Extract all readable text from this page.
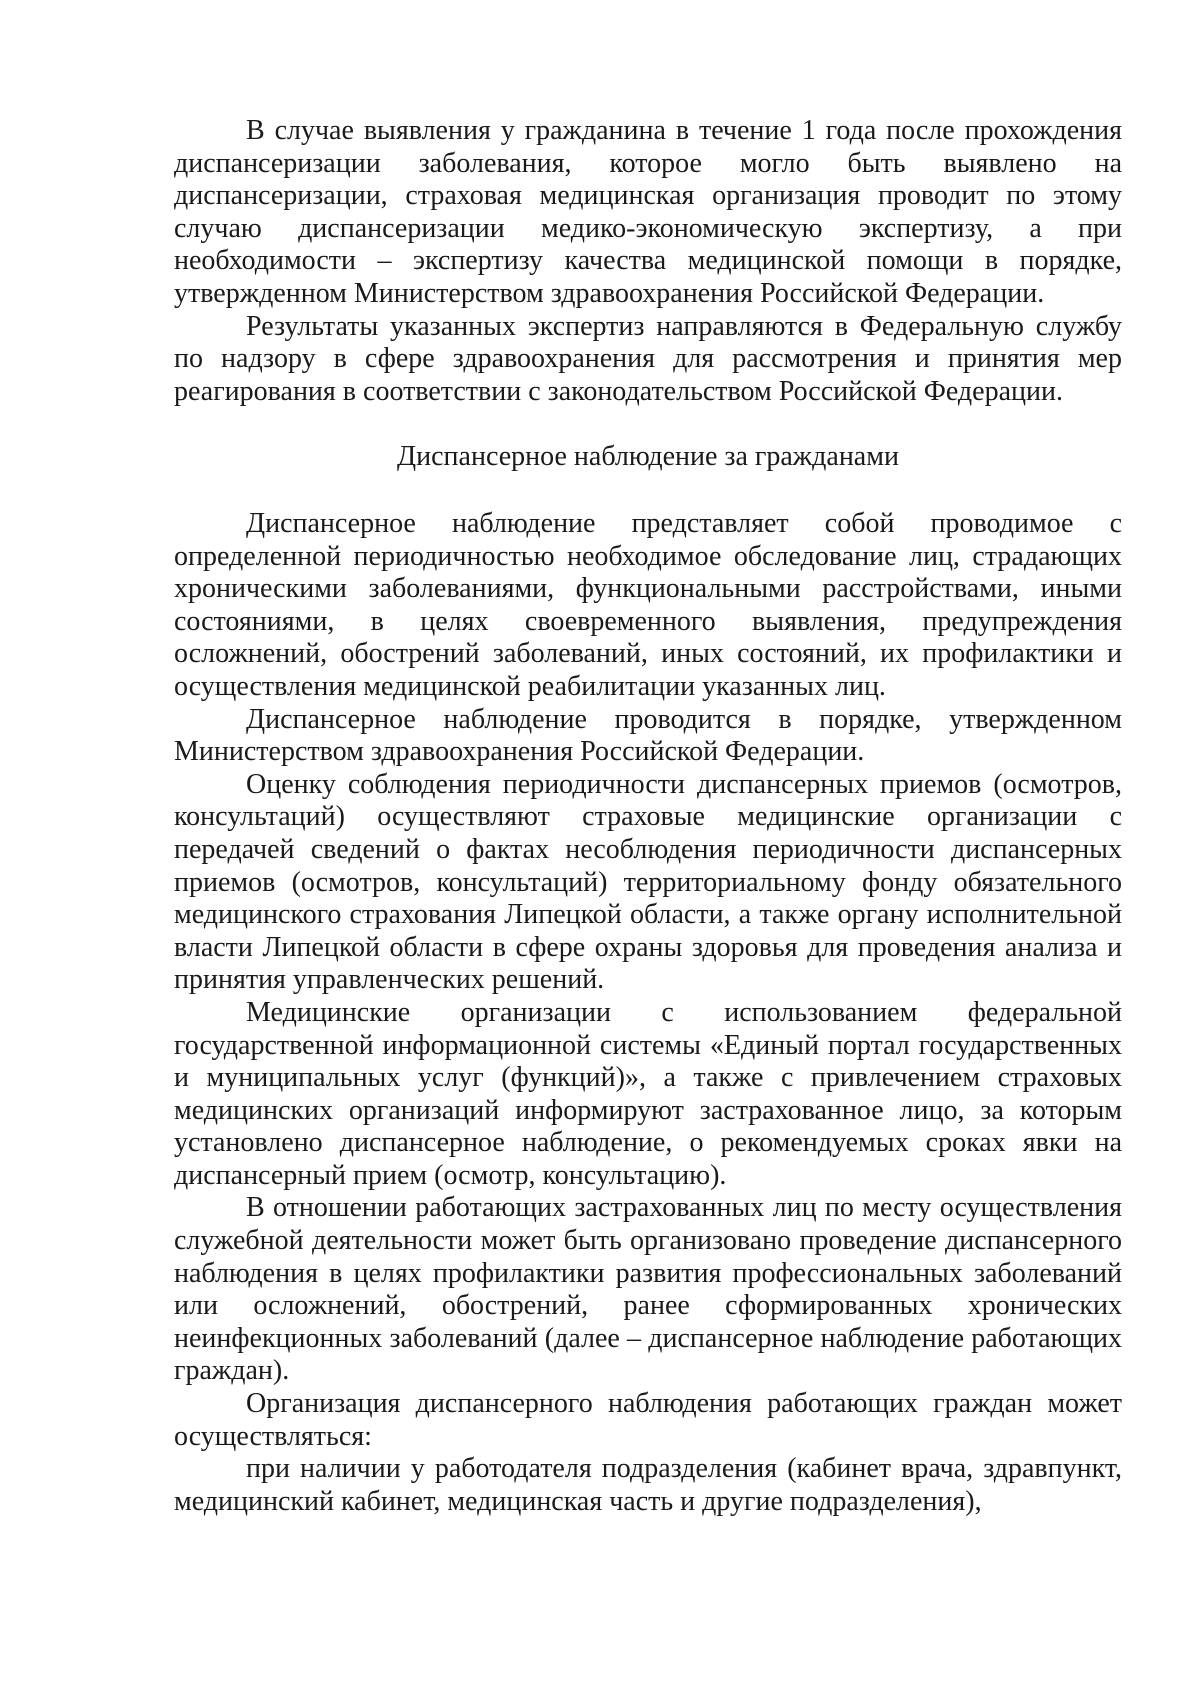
В случае выявления у гражданина в течение 1 года после прохождения диспансеризации заболевания, которое могло быть выявлено на диспансеризации, страховая медицинская организация проводит по этому случаю диспансеризации медико-экономическую экспертизу, а при необходимости – экспертизу качества медицинской помощи в порядке, утвержденном Министерством здравоохранения Российской Федерации.

Результаты указанных экспертиз направляются в Федеральную службу по надзору в сфере здравоохранения для рассмотрения и принятия мер реагирования в соответствии с законодательством Российской Федерации.

Диспансерное наблюдение за гражданами

Диспансерное наблюдение представляет собой проводимое с определенной периодичностью необходимое обследование лиц, страдающих хроническими заболеваниями, функциональными расстройствами, иными состояниями, в целях своевременного выявления, предупреждения осложнений, обострений заболеваний, иных состояний, их профилактики и осуществления медицинской реабилитации указанных лиц.

Диспансерное наблюдение проводится в порядке, утвержденном Министерством здравоохранения Российской Федерации.

Оценку соблюдения периодичности диспансерных приемов (осмотров, консультаций) осуществляют страховые медицинские организации с передачей сведений о фактах несоблюдения периодичности диспансерных приемов (осмотров, консультаций) территориальному фонду обязательного медицинского страхования Липецкой области, а также органу исполнительной власти Липецкой области в сфере охраны здоровья для проведения анализа и принятия управленческих решений.

Медицинские организации с использованием федеральной государственной информационной системы «Единый портал государственных и муниципальных услуг (функций)», а также с привлечением страховых медицинских организаций информируют застрахованное лицо, за которым установлено диспансерное наблюдение, о рекомендуемых сроках явки на диспансерный прием (осмотр, консультацию).

В отношении работающих застрахованных лиц по месту осуществления служебной деятельности может быть организовано проведение диспансерного наблюдения в целях профилактики развития профессиональных заболеваний или осложнений, обострений, ранее сформированных хронических неинфекционных заболеваний (далее – диспансерное наблюдение работающих граждан).

Организация диспансерного наблюдения работающих граждан может осуществляться:

при наличии у работодателя подразделения (кабинет врача, здравпункт, медицинский кабинет, медицинская часть и другие подразделения),
